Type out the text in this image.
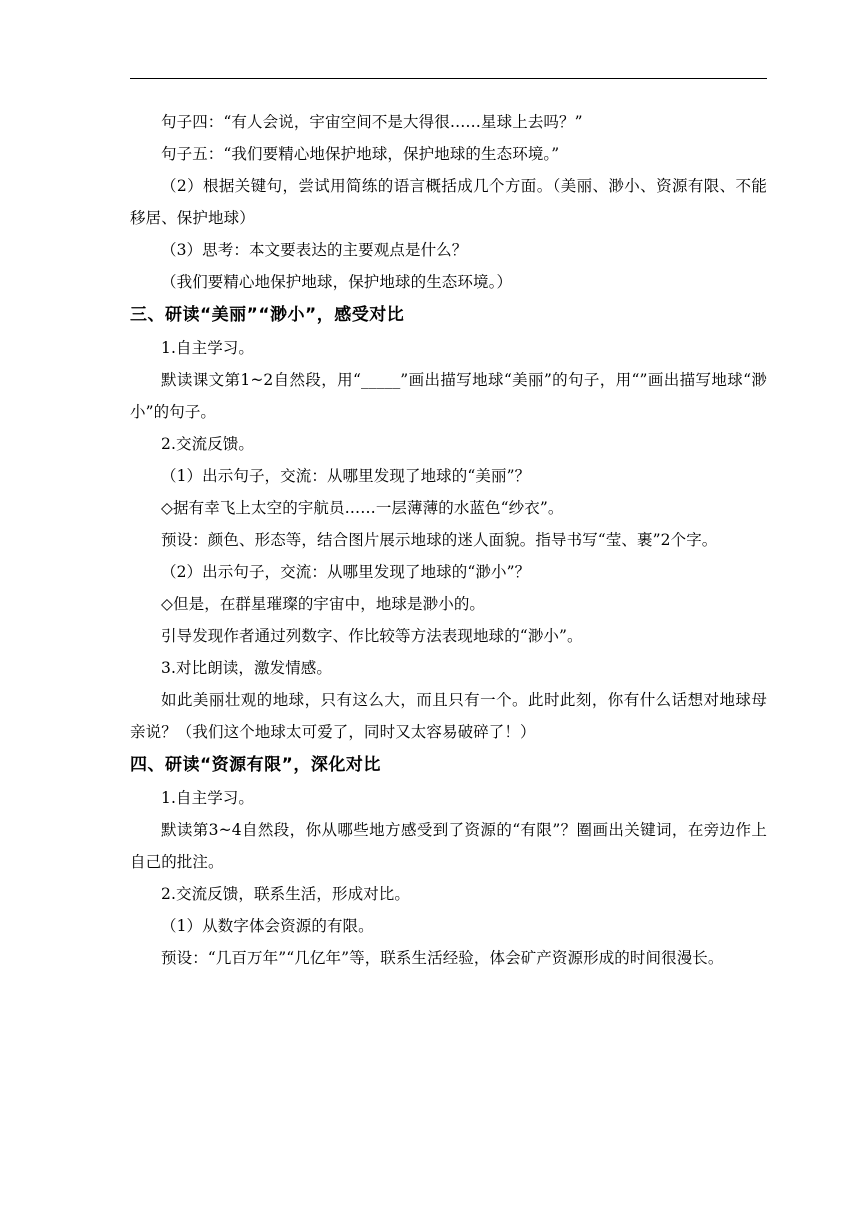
句子四：“有人会说，宇宙空间不是大得很……星球上去吗？”

句子五：“我们要精心地保护地球，保护地球的生态环境。”

（2）根据关键句，尝试用简练的语言概括成几个方面。（美丽、渺小、资源有限、不能移居、保护地球）

（3）思考：本文要表达的主要观点是什么？

（我们要精心地保护地球，保护地球的生态环境。）

三、研读“美丽”“渺小”，感受对比

1.自主学习。

默读课文第1~2自然段，用“_____”画出描写地球“美丽”的句子，用“”画出描写地球“渺小”的句子。

2.交流反馈。

（1）出示句子，交流：从哪里发现了地球的“美丽”？

◇据有幸飞上太空的宇航员……一层薄薄的水蓝色“纱衣”。

预设：颜色、形态等，结合图片展示地球的迷人面貌。指导书写“莹、裹”2个字。

（2）出示句子，交流：从哪里发现了地球的“渺小”？

◇但是，在群星璀璨的宇宙中，地球是渺小的。

引导发现作者通过列数字、作比较等方法表现地球的“渺小”。

3.对比朗读，激发情感。

如此美丽壮观的地球，只有这么大，而且只有一个。此时此刻，你有什么话想对地球母亲说？（我们这个地球太可爱了，同时又太容易破碎了！）

四、研读“资源有限”，深化对比

1.自主学习。

默读第3~4自然段，你从哪些地方感受到了资源的“有限”？圈画出关键词，在旁边作上自己的批注。

2.交流反馈，联系生活，形成对比。

（1）从数字体会资源的有限。

预设：“几百万年”“几亿年”等，联系生活经验，体会矿产资源形成的时间很漫长。
